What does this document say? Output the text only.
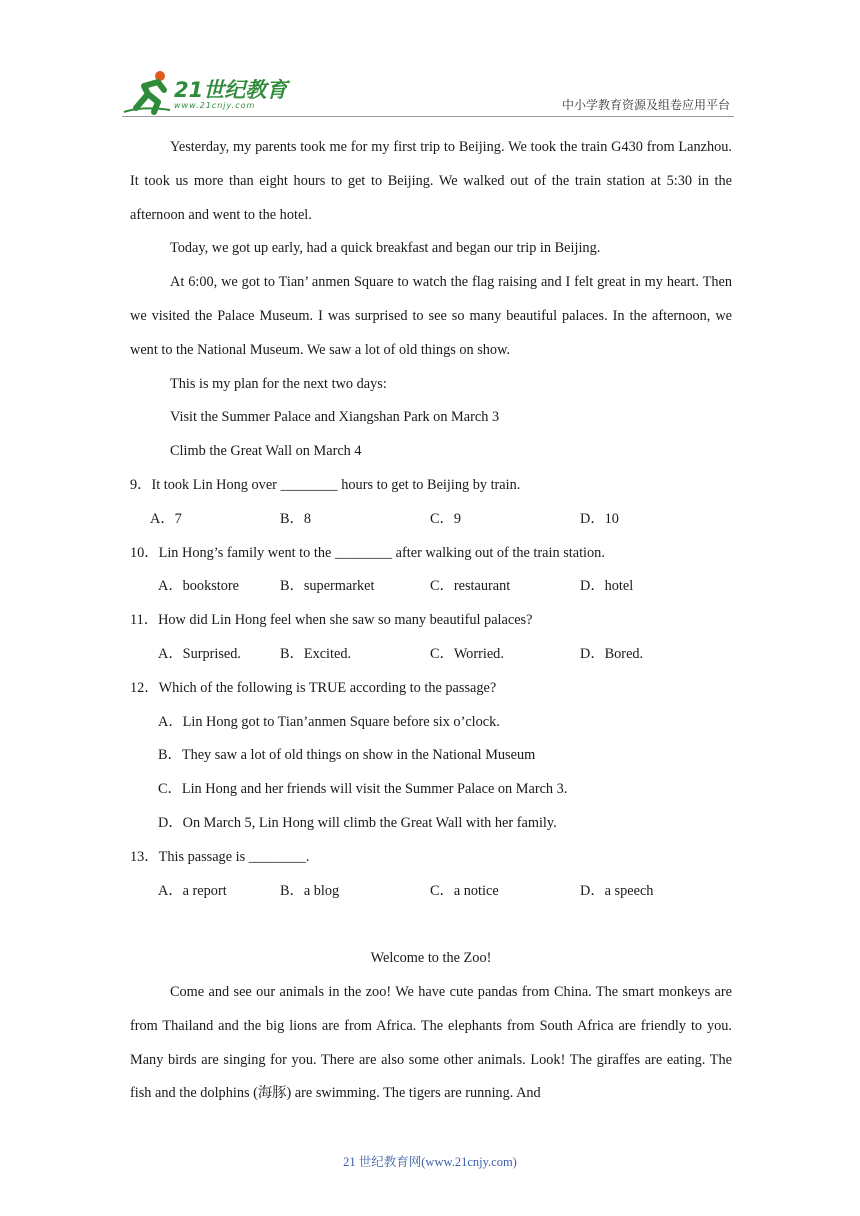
21世纪教育
www.21cnjy.com	中小学教育资源及组卷应用平台

Yesterday, my parents took me for my first trip to Beijing. We took the train G430 from Lanzhou. It took us more than eight hours to get to Beijing. We walked out of the train station at 5:30 in the afternoon and went to the hotel.

Today, we got up early, had a quick breakfast and began our trip in Beijing.

At 6:00, we got to Tian’ anmen Square to watch the flag raising and I felt great in my heart. Then we visited the Palace Museum. I was surprised to see so many beautiful palaces. In the afternoon, we went to the National Museum. We saw a lot of old things on show.

This is my plan for the next two days:

Visit the Summer Palace and Xiangshan Park on March 3

Climb the Great Wall on March 4

9．It took Lin Hong over ________ hours to get to Beijing by train.

A．7	B．8	C．9	D．10

10．Lin Hong’s family went to the ________ after walking out of the train station.

A．bookstore	B．supermarket	C．restaurant	D．hotel

11．How did Lin Hong feel when she saw so many beautiful palaces?

A．Surprised.	B．Excited.	C．Worried.	D．Bored.

12．Which of the following is TRUE according to the passage?

A．Lin Hong got to Tian’anmen Square before six o’clock.

B．They saw a lot of old things on show in the National Museum

C．Lin Hong and her friends will visit the Summer Palace on March 3.

D．On March 5, Lin Hong will climb the Great Wall with her family.

13．This passage is ________.

A．a report	B．a blog	C．a notice	D．a speech

Welcome to the Zoo!

Come and see our animals in the zoo! We have cute pandas from China. The smart monkeys are from Thailand and the big lions are from Africa. The elephants from South Africa are friendly to you. Many birds are singing for you. There are also some other animals. Look! The giraffes are eating. The fish and the dolphins (海豚) are swimming. The tigers are running. And

21 世纪教育网(www.21cnjy.com)
